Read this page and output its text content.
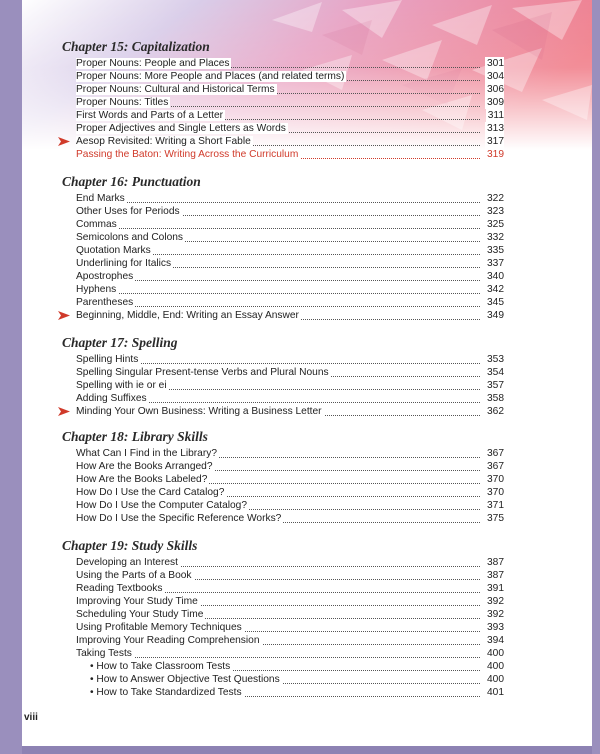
Chapter 15: Capitalization
Proper Nouns: People and Places	301
Proper Nouns: More People and Places (and related terms)	304
Proper Nouns: Cultural and Historical Terms	306
Proper Nouns: Titles	309
First Words and Parts of a Letter	311
Proper Adjectives and Single Letters as Words	313
Aesop Revisited: Writing a Short Fable	317
Passing the Baton: Writing Across the Curriculum	319
Chapter 16: Punctuation
End Marks	322
Other Uses for Periods	323
Commas	325
Semicolons and Colons	332
Quotation Marks	335
Underlining for Italics	337
Apostrophes	340
Hyphens	342
Parentheses	345
Beginning, Middle, End: Writing an Essay Answer	349
Chapter 17: Spelling
Spelling Hints	353
Spelling Singular Present-tense Verbs and Plural Nouns	354
Spelling with ie or ei	357
Adding Suffixes	358
Minding Your Own Business: Writing a Business Letter	362
Chapter 18: Library Skills
What Can I Find in the Library?	367
How Are the Books Arranged?	367
How Are the Books Labeled?	370
How Do I Use the Card Catalog?	370
How Do I Use the Computer Catalog?	371
How Do I Use the Specific Reference Works?	375
Chapter 19: Study Skills
Developing an Interest	387
Using the Parts of a Book	387
Reading Textbooks	391
Improving Your Study Time	392
Scheduling Your Study Time	392
Using Profitable Memory Techniques	393
Improving Your Reading Comprehension	394
Taking Tests	400
• How to Take Classroom Tests	400
• How to Answer Objective Test Questions	400
• How to Take Standardized Tests	401
viii
